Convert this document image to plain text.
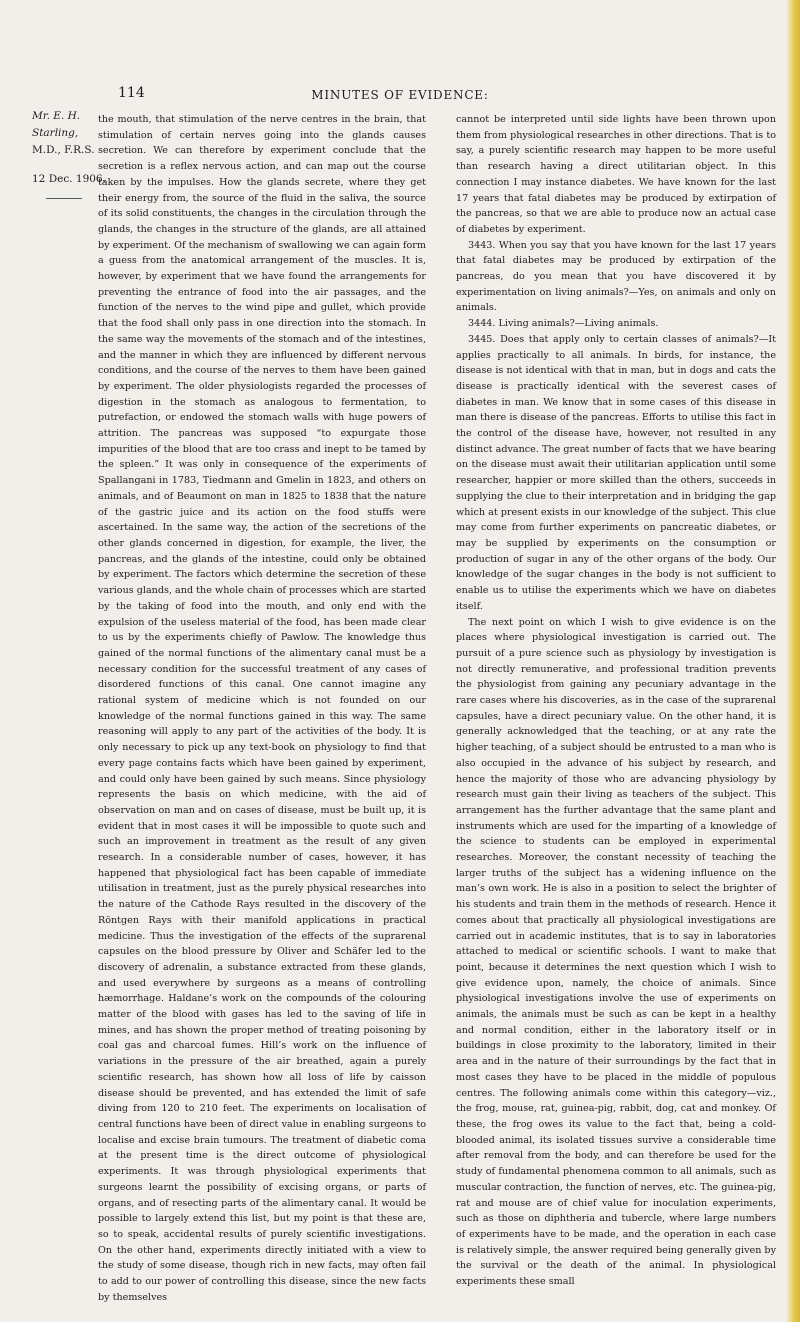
114	MINUTES OF EVIDENCE:
Mr. E. H.
Starling,
M.D., F.R.S.
12 Dec. 1906.

the mouth, that stimulation of the nerve centres in the brain, that stimulation of certain nerves going into the glands causes secretion. We can therefore by experiment conclude that the secretion is a reflex nervous action, and can map out the course taken by the impulses. How the glands secrete, where they get their energy from, the source of the fluid in the saliva, the source of its solid constituents, the changes in the circulation through the glands, the changes in the structure of the glands, are all attained by experiment. Of the mechanism of swallowing we can again form a guess from the anatomical arrangement of the muscles. It is, however, by experiment that we have found the arrangements for preventing the entrance of food into the air passages, and the function of the nerves to the wind pipe and gullet, which provide that the food shall only pass in one direction into the stomach. In the same way the movements of the stomach and of the intestines, and the manner in which they are influenced by different nervous conditions, and the course of the nerves to them have been gained by experiment. The older physiologists regarded the processes of digestion in the stomach as analogous to fermentation, to putrefaction, or endowed the stomach walls with huge powers of attrition. The pancreas was supposed “to expurgate those impurities of the blood that are too crass and inept to be tamed by the spleen.” It was only in consequence of the experiments of Spallangani in 1783, Tiedmann and Gmelin in 1823, and others on animals, and of Beaumont on man in 1825 to 1838 that the nature of the gastric juice and its action on the food stuffs were ascertained. In the same way, the action of the secretions of the other glands concerned in digestion, for example, the liver, the pancreas, and the glands of the intestine, could only be obtained by experiment. The factors which determine the secretion of these various glands, and the whole chain of processes which are started by the taking of food into the mouth, and only end with the expulsion of the useless material of the food, has been made clear to us by the experiments chiefly of Pawlow. The knowledge thus gained of the normal functions of the alimentary canal must be a necessary condition for the successful treatment of any cases of disordered functions of this canal. One cannot imagine any rational system of medicine which is not founded on our knowledge of the normal functions gained in this way. The same reasoning will apply to any part of the activities of the body. It is only necessary to pick up any text-book on physiology to find that every page contains facts which have been gained by experiment, and could only have been gained by such means. Since physiology represents the basis on which medicine, with the aid of observation on man and on cases of disease, must be built up, it is evident that in most cases it will be impossible to quote such and such an improvement in treatment as the result of any given research. In a considerable number of cases, however, it has happened that physiological fact has been capable of immediate utilisation in treatment, just as the purely physical researches into the nature of the Cathode Rays resulted in the discovery of the Röntgen Rays with their manifold applications in practical medicine. Thus the investigation of the effects of the suprarenal capsules on the blood pressure by Oliver and Schäfer led to the discovery of adrenalin, a substance extracted from these glands, and used everywhere by surgeons as a means of controlling hæmorrhage. Haldane’s work on the compounds of the colouring matter of the blood with gases has led to the saving of life in mines, and has shown the proper method of treating poisoning by coal gas and charcoal fumes. Hill’s work on the influence of variations in the pressure of the air breathed, again a purely scientific research, has shown how all loss of life by caisson disease should be prevented, and has extended the limit of safe diving from 120 to 210 feet. The experiments on localisation of central functions have been of direct value in enabling surgeons to localise and excise brain tumours. The treatment of diabetic coma at the present time is the direct outcome of physiological experiments. It was through physiological experiments that surgeons learnt the possibility of excising organs, or parts of organs, and of resecting parts of the alimentary canal. It would be possible to largely extend this list, but my point is that these are, so to speak, accidental results of purely scientific investigations. On the other hand, experiments directly initiated with a view to the study of some disease, though rich in new facts, may often fail to add to our power of controlling this disease, since the new facts by themselves

cannot be interpreted until side lights have been thrown upon them from physiological researches in other directions. That is to say, a purely scientific research may happen to be more useful than research having a direct utilitarian object. In this connection I may instance diabetes. We have known for the last 17 years that fatal diabetes may be produced by extirpation of the pancreas, so that we are able to produce now an actual case of diabetes by experiment.

3443. When you say that you have known for the last 17 years that fatal diabetes may be produced by extirpation of the pancreas, do you mean that you have discovered it by experimentation on living animals?—Yes, on animals and only on animals.

3444. Living animals?—Living animals.

3445. Does that apply only to certain classes of animals?—It applies practically to all animals. In birds, for instance, the disease is not identical with that in man, but in dogs and cats the disease is practically identical with the severest cases of diabetes in man. We know that in some cases of this disease in man there is disease of the pancreas. Efforts to utilise this fact in the control of the disease have, however, not resulted in any distinct advance. The great number of facts that we have bearing on the disease must await their utilitarian application until some researcher, happier or more skilled than the others, succeeds in supplying the clue to their interpretation and in bridging the gap which at present exists in our knowledge of the subject. This clue may come from further experiments on pancreatic diabetes, or may be supplied by experiments on the consumption or production of sugar in any of the other organs of the body. Our knowledge of the sugar changes in the body is not sufficient to enable us to utilise the experiments which we have on diabetes itself.

The next point on which I wish to give evidence is on the places where physiological investigation is carried out. The pursuit of a pure science such as physiology by investigation is not directly remunerative, and professional tradition prevents the physiologist from gaining any pecuniary advantage in the rare cases where his discoveries, as in the case of the suprarenal capsules, have a direct pecuniary value. On the other hand, it is generally acknowledged that the teaching, or at any rate the higher teaching, of a subject should be entrusted to a man who is also occupied in the advance of his subject by research, and hence the majority of those who are advancing physiology by research must gain their living as teachers of the subject. This arrangement has the further advantage that the same plant and instruments which are used for the imparting of a knowledge of the science to students can be employed in experimental researches. Moreover, the constant necessity of teaching the larger truths of the subject has a widening influence on the man’s own work. He is also in a position to select the brighter of his students and train them in the methods of research. Hence it comes about that practically all physiological investigations are carried out in academic institutes, that is to say in laboratories attached to medical or scientific schools. I want to make that point, because it determines the next question which I wish to give evidence upon, namely, the choice of animals. Since physiological investigations involve the use of experiments on animals, the animals must be such as can be kept in a healthy and normal condition, either in the laboratory itself or in buildings in close proximity to the laboratory, limited in their area and in the nature of their surroundings by the fact that in most cases they have to be placed in the middle of populous centres. The following animals come within this category—viz., the frog, mouse, rat, guinea-pig, rabbit, dog, cat and monkey. Of these, the frog owes its value to the fact that, being a cold-blooded animal, its isolated tissues survive a considerable time after removal from the body, and can therefore be used for the study of fundamental phenomena common to all animals, such as muscular contraction, the function of nerves, etc. The guinea-pig, rat and mouse are of chief value for inoculation experiments, such as those on diphtheria and tubercle, where large numbers of experiments have to be made, and the operation in each case is relatively simple, the answer required being generally given by the survival or the death of the animal. In physiological experiments these small
